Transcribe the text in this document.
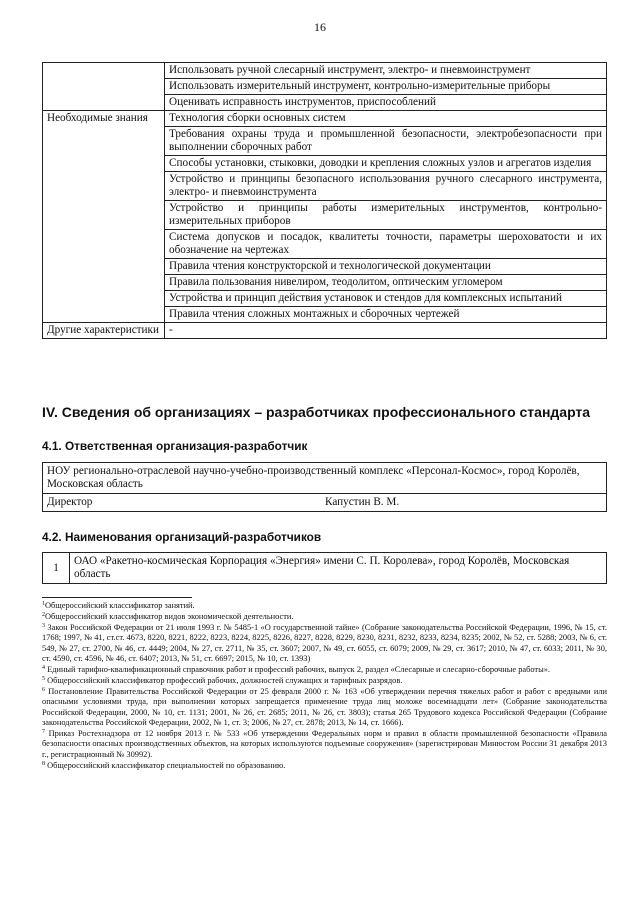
16
	Использовать ручной слесарный инструмент, электро- и пневмоинструмент
	Использовать измерительный инструмент, контрольно-измерительные приборы
	Оценивать исправность инструментов, приспособлений
Необходимые знания	Технология сборки основных систем
	Требования охраны труда и промышленной безопасности, электробезопасности при выполнении сборочных работ
	Способы установки, стыковки, доводки и крепления сложных узлов и агрегатов изделия
	Устройство и принципы безопасного использования ручного слесарного инструмента, электро- и пневмоинструмента
	Устройство и принципы работы измерительных инструментов, контрольно-измерительных приборов
	Система допусков и посадок, квалитеты точности, параметры шероховатости и их обозначение на чертежах
	Правила чтения конструкторской и технологической документации
	Правила пользования нивелиром, теодолитом, оптическим угломером
	Устройства и принцип действия установок и стендов для комплексных испытаний
	Правила чтения сложных монтажных и сборочных чертежей
Другие характеристики	-
IV. Сведения об организациях – разработчиках профессионального стандарта
4.1. Ответственная организация-разработчик
НОУ регионально-отраслевой научно-учебно-производственный комплекс «Персонал-Космос», город Королёв, Московская область
Директор	Капустин В. М.
4.2. Наименования организаций-разработчиков
1	ОАО «Ракетно-космическая Корпорация «Энергия» имени С. П. Королева», город Королёв, Московская область

$^1$Общероссийский классификатор занятий.

$^2$Общероссийский классификатор видов экономической деятельности.

$^3$ Закон Российской Федерации от 21 июля 1993 г. № 5485-1 «О государственной тайне» (Собрание законодательства Российской Федерации, 1996, № 15, ст. 1768; 1997, № 41, ст.ст. 4673, 8220, 8221, 8222, 8223, 8224, 8225, 8226, 8227, 8228, 8229, 8230, 8231, 8232, 8233, 8234, 8235; 2002, № 52, ст. 5288; 2003, № 6, ст. 549, № 27, ст. 2700, № 46, ст. 4449; 2004, № 27, ст. 2711, № 35, ст. 3607; 2007, № 49, ст. 6055, ст. 6079; 2009, № 29, ст. 3617; 2010, № 47, ст. 6033; 2011, № 30, ст. 4590, ст. 4596, № 46, ст. 6407; 2013, № 51, ст. 6697; 2015, № 10, ст. 1393)

$^4$ Единый тарифно-квалификационный справочник работ и профессий рабочих, выпуск 2, раздел «Слесарные и слесарно-сборочные работы».

$^5$ Общероссийский классификатор профессий рабочих, должностей служащих и тарифных разрядов.

$^6$ Постановление Правительства Российской Федерации от 25 февраля 2000 г. № 163 «Об утверждении перечня тяжелых работ и работ с вредными или опасными условиями труда, при выполнении которых запрещается применение труда лиц моложе восемнадцати лет» (Собрание законодательства Российской Федерации, 2000, № 10, ст. 1131; 2001, № 26, ст. 2685; 2011, № 26, ст. 3803); статья 265 Трудового кодекса Российской Федерации (Собрание законодательства Российской Федерации, 2002, № 1, ст. 3; 2006, № 27, ст. 2878; 2013, № 14, ст. 1666).

$^7$ Приказ Ростехнадзора от 12 ноября 2013 г. № 533 «Об утверждении Федеральных норм и правил в области промышленной безопасности «Правила безопасности опасных производственных объектов, на которых используются подъемные сооружения» (зарегистрирован Минюстом России 31 декабря 2013 г., регистрационный № 30992).

$^8$ Общероссийский классификатор специальностей по образованию.
